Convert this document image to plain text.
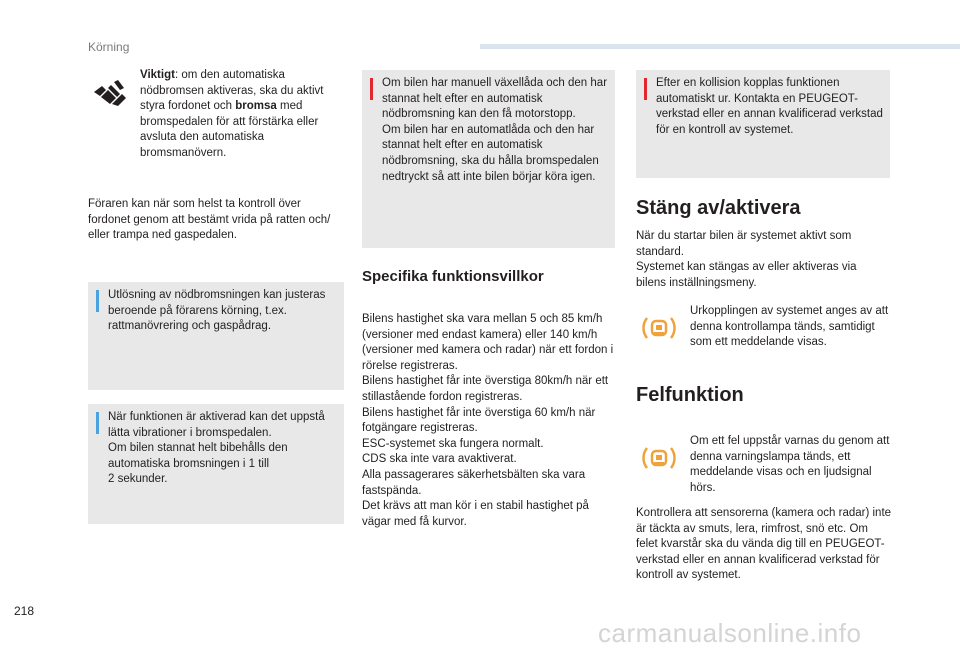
Körning
Viktigt: om den automatiska nödbromsen aktiveras, ska du aktivt styra fordonet och bromsa med bromspedalen för att förstärka eller avsluta den automatiska bromsmanövern.
Föraren kan när som helst ta kontroll över fordonet genom att bestämt vrida på ratten och/ eller trampa ned gaspedalen.
Utlösning av nödbromsningen kan justeras beroende på förarens körning, t.ex. rattmanövrering och gaspådrag.
När funktionen är aktiverad kan det uppstå lätta vibrationer i bromspedalen.
Om bilen stannat helt bibehålls den automatiska bromsningen i 1 till
2 sekunder.
Om bilen har manuell växellåda och den har stannat helt efter en automatisk nödbromsning kan den få motorstopp.
Om bilen har en automatlåda och den har stannat helt efter en automatisk nödbromsning, ska du hålla bromspedalen nedtryckt så att inte bilen börjar köra igen.
Specifika funktionsvillkor
Bilens hastighet ska vara mellan 5 och 85 km/h (versioner med endast kamera) eller 140 km/h (versioner med kamera och radar) när ett fordon i rörelse registreras.
Bilens hastighet får inte överstiga 80km/h när ett stillastående fordon registreras.
Bilens hastighet får inte överstiga 60 km/h när fotgängare registreras.
ESC-systemet ska fungera normalt.
CDS ska inte vara avaktiverat.
Alla passagerares säkerhetsbälten ska vara fastspända.
Det krävs att man kör i en stabil hastighet på vägar med få kurvor.
Efter en kollision kopplas funktionen automatiskt ur. Kontakta en PEUGEOT-verkstad eller en annan kvalificerad verkstad för en kontroll av systemet.
Stäng av/aktivera
När du startar bilen är systemet aktivt som standard.
Systemet kan stängas av eller aktiveras via bilens inställningsmeny.
Urkopplingen av systemet anges av att denna kontrollampa tänds, samtidigt som ett meddelande visas.
Felfunktion
Om ett fel uppstår varnas du genom att denna varningslampa tänds, ett meddelande visas och en ljudsignal hörs.
Kontrollera att sensorerna (kamera och radar) inte är täckta av smuts, lera, rimfrost, snö etc. Om felet kvarstår ska du vända dig till en PEUGEOT-verkstad eller en annan kvalificerad verkstad för kontroll av systemet.
218
carmanualsonline.info
